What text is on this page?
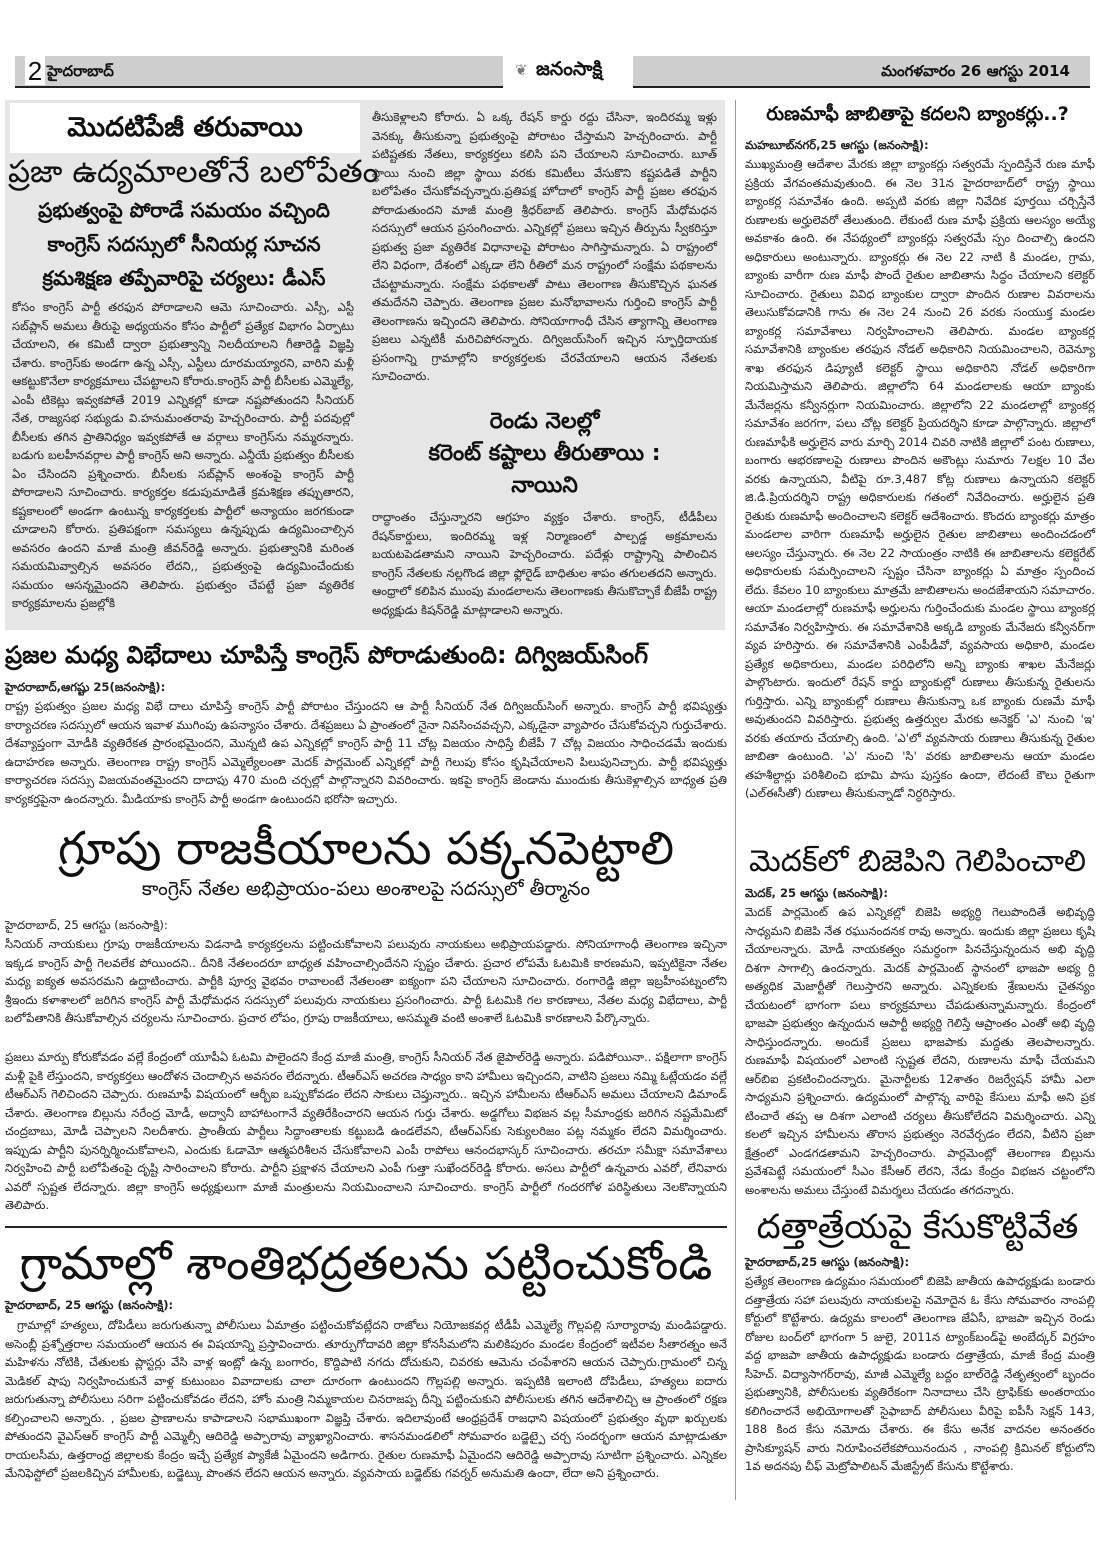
2 హైదరాబాద్	❦ జనంసాక్షి	మంగళవారం 26 ఆగస్టు 2014
మొదటిపేజీ తరువాయి
ప్రజా ఉద్యమాలతోనే బలోపేతం
ప్రభుత్వంపై పోరాడే సమయం వచ్చింది
కాంగ్రెస్ సదస్సులో సీనియర్ల సూచన
క్రమశిక్షణ తప్పేవారిపై చర్యలు: డీఎస్
కోసం కాంగ్రెస్ పార్టీ తరఫున పోరాడాలని ఆమె సూచించారు. ఎస్సీ, ఎస్టీ సబ్‌ప్లాన్ అమలు తీరుపై అధ్యయనం కోసం పార్టీలో ప్రత్యేక విభాగం ఏర్పాటు చేయాలని, ఈ కమిటీ ద్వారా ప్రభుత్వాన్ని నిలదీయాలని గీతారెడ్డి విజ్ఞప్తి చేశారు. కాంగ్రెస్‌కు అండగా ఉన్న ఎస్సీ, ఎస్టీలు దూరమయ్యారని, వారిని మళ్లీ ఆకట్టుకొనేలా కార్యక్రమాలు చేపట్టాలని కోరారు.కాంగ్రెస్ పార్టీ బీసీలకు ఎమ్మెల్యే, ఎంపీ టికెట్లు ఇవ్వకపోతే 2019 ఎన్నికల్లో కూడా నష్టపోతుందని సీనియర్ నేత, రాజ్యసభ సభ్యుడు వి.హనుమంతరావు హెచ్చరించారు. పార్టీ పదవుల్లో బీసీలకు తగిన ప్రాతినిధ్యం ఇవ్వకపోతే ఆ వర్గాలు కాంగ్రెస్‌ను నమ్మరన్నారు. బడుగు బలహీనవర్గాల పార్టీ కాంగ్రెస్ అని అన్నారు. ఎన్డీయే ప్రభుత్వం బీసీలకు ఏం చేసిందని ప్రశ్నించారు. బీసీలకు సబ్‌ప్లాన్ అంశంపై కాంగ్రెస్ పార్టీ పోరాడాలని సూచించారు. కార్యకర్తల కడుపుమాడితే క్రమశిక్షణ తప్పుతారని, కష్టకాలంలో అండగా ఉంటున్న కార్యకర్తలకు పార్టీలో అన్యాయం జరగకుండా చూడాలని కోరారు. ప్రతిపక్షంగా సమస్యలు ఉన్నప్పుడు ఉద్యమించాల్సిన అవసరం ఉందని మాజీ మంత్రి జీవన్‌రెడ్డి అన్నారు. ప్రభుత్వానికి మరింత సమయమివ్వాల్సిన అవసరం లేదని,, ప్రభుత్వంపై ఉద్యమించేందుకు సమయం ఆసన్నమైందని తెలిపారు. ప్రభుత్వం చేపట్టే ప్రజా వ్యతిరేక కార్యక్రమాలను ప్రజల్లోకి
తీసుకెళ్లాలని కోరారు. ఏ ఒక్క రేషన్ కార్డు రద్దు చేసినా, ఇందిరమ్మ ఇళ్లు వెనక్కు తీసుకున్నా ప్రభుత్వంపై పోరాటం చేస్తామని హెచ్చరించారు. పార్టీ పటిష్టతకు నేతలు, కార్యకర్తలు కలిసి పని చేయాలని సూచించారు. బూత్ స్థాయి నుంచి జిల్లా స్థాయి వరకు కమిటీలు వేసుకొని కష్టపడితే పార్టీని బలోపేతం చేసుకోవచ్చన్నారు.ప్రతిపక్ష హోదాలో కాంగ్రెస్ పార్టీ ప్రజల తరఫున పోరాడుతుందని మాజీ మంత్రి శ్రీధర్‌బాబ్ తెలిపారు. కాంగ్రెస్ మేధోమధన సదస్సులో ఆయన ప్రసంగించారు. ఎన్నికల్లో ప్రజలు ఇచ్చిన తీర్పును స్వీకరిస్తూ ప్రభుత్వ ప్రజా వ్యతిరేక విధానాలపై పోరాటం సాగిస్తామన్నారు. ఏ రాష్ట్రంలో లేని విధంగా, దేశంలో ఎక్కడా లేని రీతిలో మన రాష్ట్రంలో సంక్షేమ పథకాలను చేపట్టామన్నారు. సంక్షేమ పథకాలతో పాటు తెలంగాణ తీసుకొచ్చిన ఘనత తమదేనని చెప్పారు. తెలంగాణ ప్రజల మనోభావాలను గుర్తించి కాంగ్రెస్ పార్టీ తెలంగాణను ఇచ్చిందని తెలిపారు. సోనియాగాంధీ చేసిన త్యాగాన్ని తెలంగాణ ప్రజలు ఎన్నటికీ మరిచిపోరన్నారు. దిగ్విజయ్‌సింగ్ ఇచ్చిన స్ఫూర్తిదాయక ప్రసంగాన్ని గ్రామాల్లోని కార్యకర్తలకు చేరవేయాలని ఆయన నేతలకు సూచించారు.
రెండు నెలల్లో
కరెంట్ కష్టాలు తీరుతాయి :
నాయిని
రాద్ధాంతం చేస్తున్నారని ఆగ్రహం వ్యక్తం చేశారు. కాంగ్రెస్, టీడీపీలు రేషన్‌కార్డులు, ఇందిరమ్మ ఇళ్ల నిర్మాణంలో పాల్పడ్డ అక్రమాలను బయటపెడతామని నాయిని హెచ్చరించారు. పదేళ్లు రాష్ట్రాన్ని పాలించిన కాంగ్రెస్ నేతలకు నల్లగొండ జిల్లా ఫ్లోరైడ్ బాధితుల శాపం తగులతదని అన్నారు. ఆంధ్రాలో కలిపిన ముంపు మండలాలను తెలంగాణకు తీసుకొచ్చాకే బీజేపీ రాష్ట్ర అధ్యక్షుడు కిషన్‌రెడ్డి మాట్లాడాలని అన్నారు.
ప్రజల మధ్య విభేదాలు చూపిస్తే కాంగ్రెస్ పోరాడుతుంది: దిగ్విజయ్‌సింగ్
హైదరాబాద్,ఆగష్టు 25(జనంసాక్షి):
రాష్ట్ర ప్రభుత్వం ప్రజల మధ్య విభే దాలు చూపిస్తే కాంగ్రెస్ పార్టీ పోరాటం చేస్తుందని ఆ పార్టీ సీనియర్ నేత దిగ్విజయ్‌సింగ్ అన్నారు. కాంగ్రెస్ పార్టీ భవిష్యత్తు కార్యాచరణ సదస్సులో ఆయన ఇవాళ ముగింపు ఉపన్యాసం చేశారు. దేశప్రజలు ఏ ప్రాంతంలో నైనా నివసించవచ్చని, ఎక్కడైనా వ్యాపారం చేసుకోవచ్చని గుర్తుచేశారు. దేశవ్యాప్తంగా మోడీకి వ్యతిరేకత ప్రారంభమైందని, మొన్నటి ఉప ఎన్నికల్లో కాంగ్రెస్ పార్టీ 11 చోట్ల విజయం సాధిస్తే బీజేపీ 7 చోట్ల విజయం సాధించడమే ఇందుకు ఉదాహరణ అన్నారు. తెలంగాణ రాష్ట్ర కాంగ్రెస్ ఎమ్మెల్యేలంతా మెదక్ పార్లమెంట్ ఎన్నికల్లో పార్టీ గెలుపు కోసం కృషిచేయాలని పిలుపునిచ్చారు. పార్టీ భవిష్యత్తు కార్యాచరణ సదస్సు విజయవంతమైందని దాదాపు 470 మంది చర్చల్లో పాల్గొన్నారని వివరించారు. ఇకపై కాంగ్రెస్ జెండాను ముందుకు తీసుకెళ్లాల్సిన బాధ్యత ప్రతి కార్యకర్తపైనా ఉందన్నారు. మీడియాకు కాంగ్రెస్ పార్టీ అండగా ఉంటుందని భరోసా ఇచ్చారు.
గ్రూపు రాజకీయాలను పక్కనపెట్టాలి
కాంగ్రెస్ నేతల అభిప్రాయం-పలు అంశాలపై సదస్సులో తీర్మానం
హైదరాబాద్, 25 ఆగస్టు (జనంసాక్షి):
సీనియర్ నాయకులు గ్రూపు రాజకీయాలను విడనాడి కార్యకర్తలను పట్టించుకోవాలని పలువురు నాయకులు అభిప్రాయపడ్డారు. సోనియాగాంధీ తెలంగాణ ఇచ్చినా ఇక్కడ కాంగ్రెస్ పార్టీ గెలవలేక పోయిందని.. దీనికి నేతలందరూ బాధ్యత వహించాల్సిందేనని స్పష్టం చేశారు. ప్రచార లోపమే ఓటమికి కారణమని, ఇప్పటికైనా నేతల మధ్య ఐక్యత అవసరమని ఉద్ఘాటించారు. పార్టీకి పూర్వ వైభవం రావాలంటే నేతలంతా ఐక్యంగా పని చేయాలని సూచించారు. రంగారెడ్డి జిల్లా ఇబ్రహీంపట్నంలోని శ్రీఇందు కళాశాలలో జరిగిన కాంగ్రెస్ పార్టీ మేధోమధన సదస్సులో పలువురు నాయకులు ప్రసంగించారు. పార్టీ ఓటమికి గల కారణాలు, నేతల మధ్య విభేదాలు, పార్టీ బలోపేతానికి తీసుకోవాల్సిన చర్యలను సూచించారు. ప్రచార లోపం, గ్రూపు రాజకీయాలు, అసమ్మతి వంటి అంశాలే ఓటమికి కారణాలని పేర్కొన్నారు.
ప్రజలు మార్పు కోరుకోవడం వల్లే కేంద్రంలో యూపీఏ ఓటమి పాలైందని కేంద్ర మాజీ మంత్రి, కాంగ్రెస్ సీనియర్ నేత జైపాల్‌రెడ్డి అన్నారు. పడిపోయినా.. పక్షిలాగా కాంగ్రెస్ మళ్లీ పైకి లేస్తుందని, కార్యకర్తలు ఆందోళన చెందాల్సిన అవసరం లేదన్నారు. టీఆర్ఎస్ అచరణ సాధ్యం కాని హామీలు ఇచ్చిందని, వాటిని ప్రజలు నమ్మి ఓట్లేయడం వల్లే టీఆర్ఎస్ గెలిచిందని చెప్పారు. రుణమాఫీ విషయంలో ఆర్బీఐ ఒప్పుకోవడం లేదని సాకులు చెప్తున్నారు.. ఇచ్చిన హామీలను టీఆర్ఎస్ అమలు చేయాలని డిమాండ్ చేశారు. తెలంగాణ బిల్లును నరేంద్ర మోడీ, అద్వానీ బాహాటంగానే వ్యతిరేకించారని ఆయన గుర్తు చేశారు. అడ్డగోలు విభజన వల్ల సీమాంధ్రకు జరిగిన నష్టమేమిటో చంద్రబాబు, మోడీ చెప్పాలని నిలదీశారు. ప్రాంతీయ పార్టీలు సిద్ధాంతాలకు కట్టుబడి ఉండలేవని, టీఆర్ఎస్‌కు సెక్యులరిజం పట్ల నమ్మకం లేదని విమర్శించారు. ఇప్పుడు పార్టీని పునర్నిర్మించుకోవాలని, ఎందుకు ఓడామో ఆత్మపరిశీలన చేసుకోవాలని ఎంపీ రాపోలు ఆనందభాస్కర్ సూచించారు. తరచూ సమీక్షా సమావేశాలు నిర్వహించి పార్టీ బలోపేతంపై దృష్టి సారించాలని కోరారు. పార్టీని ప్రక్షాళన చేయాలని ఎంపీ గుత్తా సుఖేందర్‌రెడ్డి కోరారు. అసలు పార్టీలో ఉన్నవారు ఎవరో, లేనివారు ఎవరో స్పష్టత లేదన్నారు. జిల్లా కాంగ్రెస్ అధ్యక్షులుగా మాజీ మంత్రులను నియమించాలని సూచించారు. కాంగ్రెస్ పార్టీలో గందరగోళ పరిస్థితులు నెలకొన్నాయని తెలిపారు.
గ్రామాల్లో శాంతిభద్రతలను పట్టించుకోండి
హైదరాబాద్, 25 ఆగస్టు (జనంసాక్షి):
గ్రామాల్లో హత్యలు, దోపిడీలు జరుగుతున్నా పోలీసులు ఏమాత్రం పట్టించుకోవట్లేదని రాజోలు నియోజకవర్గ టీడీపీ ఎమ్మెల్యే గొల్లపల్లి సూర్యారావు మండిపడ్డారు. అసెంబ్లీ ప్రశ్నోత్తరాల సమయంలో ఆయన ఈ విషయాన్ని ప్రస్తావించారు. తూర్పుగోదావరి జిల్లా కోనసీమలోని మలికిపురం మండల కేంద్రంలో ఇటీవల సీతారత్నం అనే మహిళను నోటికి, చేతులకు ప్లాస్టర్లు వేసి వాళ్ల ఇంట్లో ఉన్న బంగారం, కొద్దిపాటి నగదు దోచుకుని, చివరకు ఆమెను చంపేశారని ఆయన చెప్పారు.గ్రామంలో చిన్న మెడికల్ షాపు నిర్వహించుకునే వాళ్ల కుటుంబం వివాదాలకు చాలా దూరంగా ఉంటుందని గొల్లపల్లి అన్నారు. ఇప్పటికి ఇలాంటి దోపిడీలు, హత్యలు ఐదారు జరుగుతున్నా పోలీసులు సరిగా పట్టించుకోవడం లేదని, హోం మంత్రి నిమ్మకాయల చినరాజప్ప దీన్ని పట్టించుకుని పోలీసులకు తగిన ఆదేశాలిచ్చి ఆ ప్రాంతంలో రక్షణ కల్పించాలని అన్నారు. , ప్రజల ప్రాణాలను కాపాడాలని సభాముఖంగా విజ్ఞప్తి చేశారు. ఇదిలావుంటే ఆంధ్రప్రదేశ్ రాజధాని విషయంలో ప్రభుత్వం వృథా ఖర్చులకు పోతుందని వైఎస్ఆర్ కాంగ్రెస్ పార్టీ ఎమ్మెల్సీ ఆదిరెడ్డి అప్పారావు వ్యాఖ్యానించారు. శాసనమండలిలో సోమవారం బడ్జెట్పై చర్చ సందర్భంగా ఆయన మాట్లాడుతూ రాయలసీమ, ఉత్తరాంధ్ర జిల్లాలకు కేంద్రం ఇచ్చే ప్రత్యేక ప్యాకేజీ ఏమైందని అడిగారు. రైతుల రుణమాఫీ ఏమైందని ఆదిరెడ్డి అప్పారావు సూటిగా ప్రశ్నించారు. ఎన్నికల మేనిఫెస్టోలో ప్రజలకిచ్చిన హామీలకు, బడ్జెట్కు పొంతన లేదని ఆయన అన్నారు. వ్యవసాయ బడ్జెట్‌కు గవర్నర్ అనుమతి ఉందా, లేదా అని ప్రశ్నించారు.
రుణమాఫీ జాబితాపై కదలని బ్యాంకర్లు..?
మహబూబ్‌నగర్,25 ఆగస్టు (జనంసాక్షి):
ముఖ్యమంత్రి ఆదేశాల మేరకు జిల్లా బ్యాంకర్లు సత్వరమే స్పందిస్తేనే రుణ మాఫీ ప్రక్రియ వేగవంతమవుతుంది. ఈ నెల 31న హైదరాబాద్‌లో రాష్ట్ర స్థాయి బ్యాంకర్ల సమావేశం ఉంది. అప్పటి వరకు జిల్లా నివేదిక పూర్తయి చర్చిస్తేనే రుణాలకు అర్హులెవరో తేలుతుంది. లేకుంటే రుణ మాఫీ ప్రక్రియ ఆలస్యం అయ్యే అవకాశం ఉంది. ఈ నేపథ్యంలో బ్యాంకర్లు సత్వరమే స్పం దించాల్సి ఉందని అధికారులు అంటున్నారు. బ్యాంకర్లు ఈ నెల 22 నాటి కి మండల, గ్రామ, బ్యాంకు వారీగా రుణ మాఫీ పొందే రైతుల జాబితాను సిద్ధం చేయాలని కలెక్టర్ సూచించారు. రైతులు వివిధ బ్యాంకుల ద్వారా పొందిన రుణాల వివరాలను తెలుసుకోవడానికి గాను ఈ నెల 24 నుంచి 26 వరకు సంయుక్త మండల బ్యాంకర్ల సమావేశాలు నిర్వహించాలని తెలిపారు. మండల బ్యాంకర్ల సమావేశానికి బ్యాంకుల తరఫున నోడల్ అధికారిని నియమించాలని, రెవెన్యూ శాఖ తరఫున డిప్యూటీ కలెక్టర్ స్థాయి అధికారిని నోడల్ అధికారిగా నియమిస్తామని తెలిపారు. జిల్లాలోని 64 మండలాలకు ఆయా బ్యాంకు మేనేజర్లను కన్వీనర్లుగా నియమించారు. జిల్లాలోని 22 మండలాల్లో బ్యాంకర్ల సమావేశం జరగగా, పలు చోట్ల కలెక్టర్ ప్రియదర్శిని కూడా పాల్గొన్నారు. జిల్లాలో రుణమాఫీకి అర్హులైన వారు మార్చి 2014 చివరి నాటికి జిల్లాలో పంట రుణాలు, బంగారు ఆభరణాలపై రుణాలు పొందిన అకౌంట్లు సుమారు 7లక్షల 10 వేల వరకు ఉన్నాయని, వీటిపై రూ.3,487 కోట్ల రుణాలు ఉన్నాయని కలెక్టర్ జి.డి.ప్రియదర్శిని రాష్ట్ర అధికారులకు గతంలో నివేదించారు. అర్హులైన ప్రతి రైతుకు రుణమాఫీ అందించాలని కలెక్టర్ ఆదేశించారు. కొందరు బ్యాంకర్లు మాత్రం మండలాల వారిగా రుణమాఫీ అర్హులైన రైతుల జాబితాలు అందించడంలో ఆలస్యం చేస్తున్నారు. ఈ నెల 22 సాయంత్రం నాటికి ఈ జాబితాలను కలెక్టరేట్ అధికారులకు సమర్పించాలని స్పష్టం చేసినా బ్యాంకర్లు ఏ మాత్రం స్పందించ లేదు. కేవలం 10 బ్యాంకులు మాత్రమే జాబితాలను అందజేశాయని సమాచారం. ఆయా మండలాల్లో రుణమాఫీ అర్హులను గుర్తించేందుకు మండల స్థాయి బ్యాంకర్ల సమావేశం నిర్వహిస్తారు. ఈ సమావేశానికి అక్కడి బ్యాంకు మేనేజరు కన్వీనర్‌గా వ్యవ హరిస్తారు. ఈ సమావేశానికి ఎంపీడీవో, వ్యవసాయ అధికారి, మండల ప్రత్యేక అధికారులు, మండల పరిధిలోని అన్ని బ్యాంకు శాఖల మేనేజర్లు పాల్గొంటారు. ఇందులో రేషన్ కార్డు బ్యాంకుల్లో రుణాలు తీసుకున్న రైతులను గుర్తిస్తారు. ఎన్ని బ్యాంకుల్లో రుణాలు తీసుకున్నా ఒక బ్యాంకు రుణమే మాఫీ అవుతుందని వివరిస్తారు. ప్రభుత్వ ఉత్తర్వుల మేరకు అనెక్జర్ 'ఎ' నుంచి 'ఇ' వరకు తయారు చేయాల్సి ఉంది. 'ఎ'లో వ్యవసాయ రుణాలు తీసుకున్న రైతుల జాబితా ఉంటుంది. 'ఎ' నుంచి 'సి' వరకు జాబితాలను ఆయా మండల తహశీల్దార్లు పరిశీలించి భూమి పాసు పుస్తకం ఉందా, లేదంటే కౌలు రైతుగా (ఎల్‌ఈసీతో) రుణాలు తీసుకున్నాడో నిర్ధరిస్తారు.
మెదక్‌లో బిజెపిని గెలిపించాలి
మెదక్, 25 ఆగస్టు (జనంసాక్షి):
మెదక్ పార్లమెంట్ ఉప ఎన్నికల్లో బిజెపి అభ్యర్ధి గెలుపొందితే అభివృద్ధి సాధ్యమని బిజెపి నేత రఘునందనక రావు అన్నారు. ఇందుకు జిల్లా ప్రజలు కృషి చేయాలన్నారు. మోడీ నాయకత్వం సమర్ధంగా పినచేస్తున్నందున అభి వృద్ది దిశగా సాగాల్సి ఉందన్నారు. మెదక్ పార్లమెంట్ స్థానంలో భాజపా అభ్య ర్ది అత్యధిక మెజార్టీతో గెలుస్తారని అన్నారు. ఎన్నికలకు శ్రేణులను చైతన్యం చేయటంలో భాగంగా పలు కార్యక్రమాలు చేపడుతున్నామన్నారు. కేంద్రంలో భాజపా ప్రభుత్వం ఉన్నందున ఆపార్టీ అభ్యర్ది గెలిస్తే ఆప్రాంతం ఎంతో అభి వృద్ది సాధిస్తుందన్నారు. అందుకే ప్రజలు భాజపాకు మద్దతు తెలపాలన్నారు. రుణమాఫీ విషయంలో ఎలాంటి స్పష్టత లేదని, రుణాలను మాఫీ చేయమని ఆర్‌బిఐ ప్రకటించిందన్నారు. మైనార్టీలకు 12శాతం రిజర్వేషన్ హామీ ఎలా సాధ్యమని ప్రశ్నించారు. ఉద్యమంలో పాల్గొన్న వారిపై కేసులు మాఫీ అని ప్రక టించారే తప్ప ఆ దిశగా ఎలాంటి చర్యలు తీసుకోలేదని విమర్శించారు. ఎన్ని కలలో ఇచ్చిన హామీలను తొరాస ప్రభుత్వం నెరవేర్చడం లేదని, వీటిని ప్రజా క్షేత్రంలో ఎండగడతామని హెచ్చరించారు. పార్లమెంట్లో తెలంగాణ బిల్లును ప్రవేశపెట్టే సమయంలో సీఎం కేసీఆర్ లేరని, నేడు కేంద్రం విభజన చట్టంలోని అంశాలను అమలు చేస్తుంటే విమర్శలు చేయడం తగదన్నారు.
దత్తాత్రేయపై కేసుకొట్టివేత
హైదరాబాద్,25 ఆగస్టు (జనంసాక్షి):
ప్రత్యేక తెలంగాణ ఉద్యమం సమయంలో బిజెపి జాతీయ ఉపాధ్యక్షుడు బండారు దత్తాత్రేయ సహా పలువురు నాయకులపై నమోదైన ఓ కేసు సోమవారం నాంపల్లి కోర్టులో కొట్టేశారు. ఉద్యమ కాలంలో తెలంగాణ జేఏసీ, భాజపా ఇచ్చిన రెండు రోజుల బంద్‌లో భాగంగా 5 జులై, 2011న ట్యాంక్‌బండ్‌పై అంబేద్కర్ విగ్రహం వద్ద భాజపా జాతీయ ఉపాధ్యక్షుడు బండారు దత్తాత్రేయ, మాజీ కేంద్ర మంత్రి సీహెచ్. విద్యాసాగర్‌రావు, మాజీ ఎమ్మెల్యే బద్దం బాల్‌రెడ్డి నేతృత్వంలో బృందం ప్రభుత్వానికి, పోలీసులకు వ్యతిరేకంగా నినాదాలు చేసి ట్రాఫిక్‌కు అంతరాయం కలిగించారనే అభియోగాలతో సైఫాబాద్ పోలీసులు వీరిపై ఐపీసీ సెక్షన్ 143, 188 కింద కేసు నమోదు చేశారు. ఈ కేసు అనేక వాదనల అనంతరం ప్రాసిక్యూషన్ వారు నిరూపించలేకపోయినందున , నాంపల్లి క్రిమినల్ కోర్టులోని 1వ అదనపు చీఫ్ మెట్రోపాలిటన్ మేజిస్ట్రేట్ కేసును కొట్టేశారు.
